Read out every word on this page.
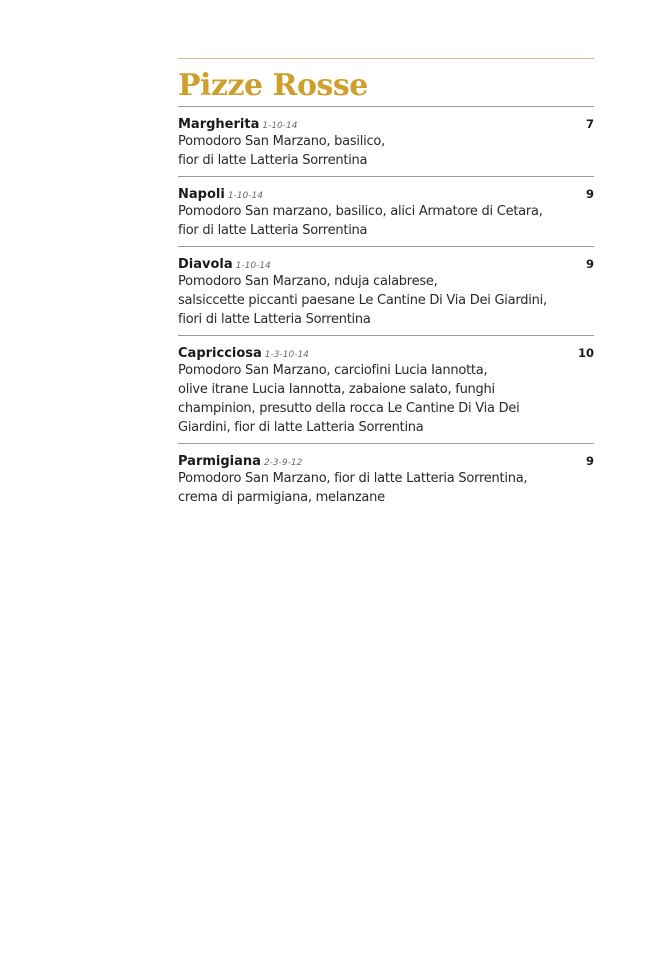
Pizze Rosse
Margherita 1-10-14	7
Pomodoro San Marzano, basilico,
fior di latte Latteria Sorrentina
Napoli 1-10-14	9
Pomodoro San marzano, basilico, alici Armatore di Cetara,
fior di latte Latteria Sorrentina
Diavola 1-10-14	9
Pomodoro San Marzano, nduja calabrese,
salsiccette piccanti paesane Le Cantine Di Via Dei Giardini,
fiori di latte Latteria Sorrentina
Capricciosa 1-3-10-14	10
Pomodoro San Marzano, carciofini Lucia Iannotta,
olive itrane Lucia Iannotta, zabaione salato, funghi
champinion, presutto della rocca Le Cantine Di Via Dei
Giardini, fior di latte Latteria Sorrentina
Parmigiana 2-3-9-12	9
Pomodoro San Marzano, fior di latte Latteria Sorrentina,
crema di parmigiana, melanzane
